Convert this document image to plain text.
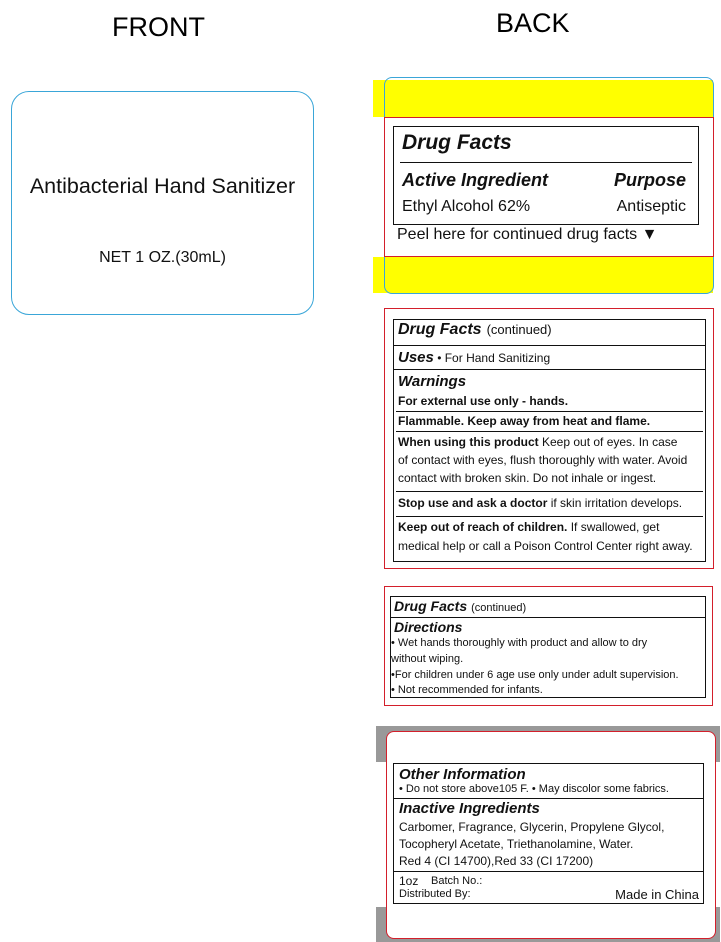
FRONT	BACK
Antibacterial Hand Sanitizer
NET 1 OZ.(30mL)
Drug Facts
Active Ingredient	Purpose
Ethyl Alcohol 62%	Antiseptic
Peel here for continued drug facts ▼
Drug Facts (continued)
Uses • For Hand Sanitizing
Warnings
For external use only - hands.
Flammable. Keep away from heat and flame.
When using this product Keep out of eyes. In case
of contact with eyes, flush thoroughly with water. Avoid
contact with broken skin. Do not inhale or ingest.
Stop use and ask a doctor if skin irritation develops.
Keep out of reach of children. If swallowed, get
medical help or call a Poison Control Center right away.
Drug Facts (continued)
Directions
• Wet hands thoroughly with product and allow to dry
without wiping.
•For children under 6 age use only under adult supervision.
• Not recommended for infants.
Other Information
• Do not store above105 F. • May discolor some fabrics.
Inactive Ingredients
Carbomer, Fragrance, Glycerin, Propylene Glycol,
Tocopheryl Acetate, Triethanolamine, Water.
Red 4 (CI 14700),Red 33 (CI 17200)
1oz Batch No.:
Distributed By:	Made in China
